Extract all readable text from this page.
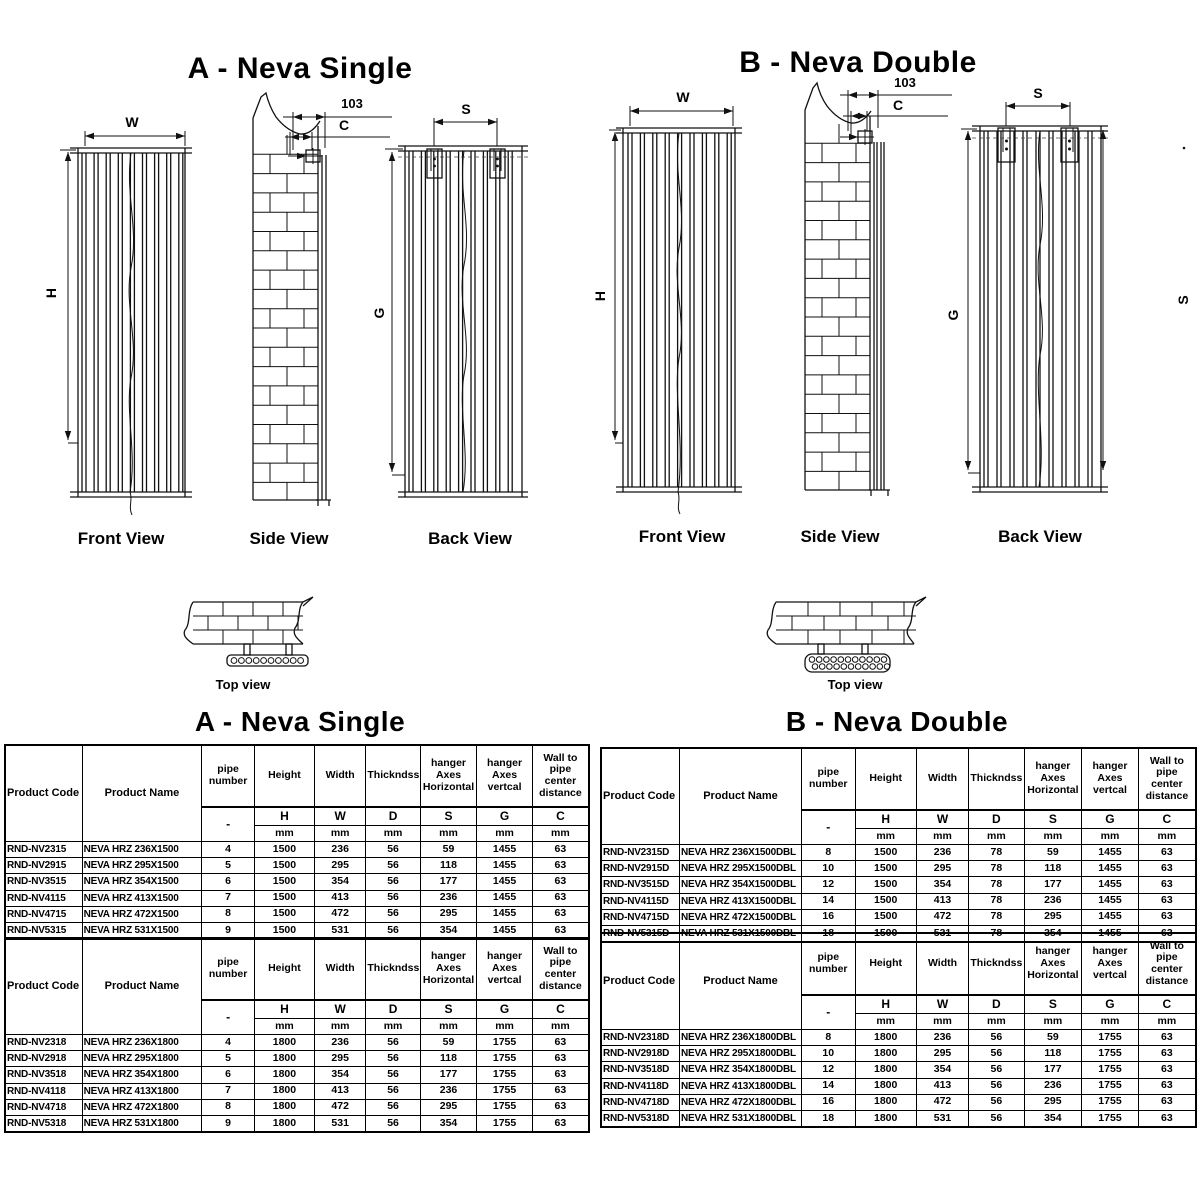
A - Neva Single	B - Neva Double
W
H
103
C
S
G
Front View	Side View	Back View
Top view
W
H
103
C
S
G
S
Front View	Side View	Back View
Top view
A - Neva Single	B - Neva Double
Product Code	Product Name	pipe number	Height	Width	Thickndss	hanger Axes Horizontal	hanger Axes vertcal	Wall to pipe center distance
		-	H	W	D	S	G	C
			mm	mm	mm	mm	mm	mm
RND-NV2315	NEVA HRZ 236X1500	4	1500	236	56	59	1455	63
RND-NV2915	NEVA HRZ 295X1500	5	1500	295	56	118	1455	63
RND-NV3515	NEVA HRZ 354X1500	6	1500	354	56	177	1455	63
RND-NV4115	NEVA HRZ 413X1500	7	1500	413	56	236	1455	63
RND-NV4715	NEVA HRZ 472X1500	8	1500	472	56	295	1455	63
RND-NV5315	NEVA HRZ 531X1500	9	1500	531	56	354	1455	63
Product Code	Product Name	pipe number	Height	Width	Thickndss	hanger Axes Horizontal	hanger Axes vertcal	Wall to pipe center distance
		-	H	W	D	S	G	C
			mm	mm	mm	mm	mm	mm
RND-NV2318	NEVA HRZ 236X1800	4	1800	236	56	59	1755	63
RND-NV2918	NEVA HRZ 295X1800	5	1800	295	56	118	1755	63
RND-NV3518	NEVA HRZ 354X1800	6	1800	354	56	177	1755	63
RND-NV4118	NEVA HRZ 413X1800	7	1800	413	56	236	1755	63
RND-NV4718	NEVA HRZ 472X1800	8	1800	472	56	295	1755	63
RND-NV5318	NEVA HRZ 531X1800	9	1800	531	56	354	1755	63
Product Code	Product Name	pipe number	Height	Width	Thickndss	hanger Axes Horizontal	hanger Axes vertcal	Wall to pipe center distance
		-	H	W	D	S	G	C
			mm	mm	mm	mm	mm	mm
RND-NV2315D	NEVA HRZ 236X1500DBL	8	1500	236	78	59	1455	63
RND-NV2915D	NEVA HRZ 295X1500DBL	10	1500	295	78	118	1455	63
RND-NV3515D	NEVA HRZ 354X1500DBL	12	1500	354	78	177	1455	63
RND-NV4115D	NEVA HRZ 413X1500DBL	14	1500	413	78	236	1455	63
RND-NV4715D	NEVA HRZ 472X1500DBL	16	1500	472	78	295	1455	63
RND-NV5315D	NEVA HRZ 531X1500DBL	18	1500	531	78	354	1455	63
Product Code	Product Name	pipe number	Height	Width	Thickndss	hanger Axes Horizontal	hanger Axes vertcal	Wall to pipe center distance
		-	H	W	D	S	G	C
			mm	mm	mm	mm	mm	mm
RND-NV2318D	NEVA HRZ 236X1800DBL	8	1800	236	56	59	1755	63
RND-NV2918D	NEVA HRZ 295X1800DBL	10	1800	295	56	118	1755	63
RND-NV3518D	NEVA HRZ 354X1800DBL	12	1800	354	56	177	1755	63
RND-NV4118D	NEVA HRZ 413X1800DBL	14	1800	413	56	236	1755	63
RND-NV4718D	NEVA HRZ 472X1800DBL	16	1800	472	56	295	1755	63
RND-NV5318D	NEVA HRZ 531X1800DBL	18	1800	531	56	354	1755	63
